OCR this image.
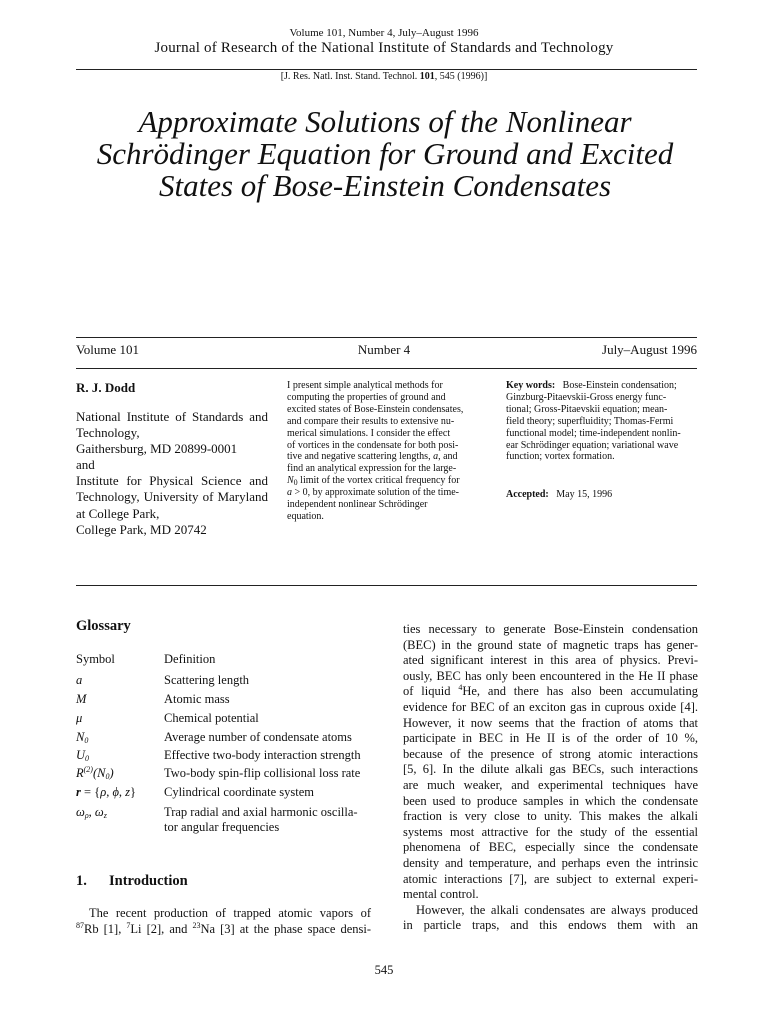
Volume 101, Number 4, July–August 1996
Journal of Research of the National Institute of Standards and Technology
[J. Res. Natl. Inst. Stand. Technol. 101, 545 (1996)]
Approximate Solutions of the Nonlinear
Schrödinger Equation for Ground and Excited
States of Bose-Einstein Condensates
Volume 101	Number 4	July–August 1996
R. J. Dodd
National Institute of Standards and
Technology,
Gaithersburg, MD 20899-0001
and
Institute for Physical Science and
Technology, University of Maryland
at College Park,
College Park, MD 20742
I present simple analytical methods for
computing the properties of ground and
excited states of Bose-Einstein condensates,
and compare their results to extensive nu-
merical simulations. I consider the effect
of vortices in the condensate for both posi-
tive and negative scattering lengths, a, and
find an analytical expression for the large-
$N_0$ limit of the vortex critical frequency for
a > 0, by approximate solution of the time-
independent nonlinear Schrödinger
equation.
Key words: Bose-Einstein condensation;
Ginzburg-Pitaevskii-Gross energy func-
tional; Gross-Pitaevskii equation; mean-
field theory; superfluidity; Thomas-Fermi
functional model; time-independent nonlin-
ear Schrödinger equation; variational wave
function; vortex formation.
Accepted: May 15, 1996
Glossary
Symbol	Definition
a	Scattering length
M	Atomic mass
μ	Chemical potential
$N_0$	Average number of condensate atoms
$U_0$	Effective two-body interaction strength
$R^{(2)}(N_0)$	Two-body spin-flip collisional loss rate
r = {ρ, ϕ, z} Cylindrical coordinate system
$\omega_\rho$, $\omega_z$	Trap radial and axial harmonic oscilla- tor angular frequencies
1. Introduction
The recent production of trapped atomic vapors of
$^{87}$Rb [1], $^7$Li [2], and $^{23}$Na [3] at the phase space densi-
ties necessary to generate Bose-Einstein condensation
(BEC) in the ground state of magnetic traps has gener-
ated significant interest in this area of physics. Previ-
ously, BEC has only been encountered in the He II phase
of liquid $^4$He, and there has also been accumulating
evidence for BEC of an exciton gas in cuprous oxide [4].
However, it now seems that the fraction of atoms that
participate in BEC in He II is of the order of 10 %,
because of the presence of strong atomic interactions
[5, 6]. In the dilute alkali gas BECs, such interactions
are much weaker, and experimental techniques have
been used to produce samples in which the condensate
fraction is very close to unity. This makes the alkali
systems most attractive for the study of the essential
phenomena of BEC, especially since the condensate
density and temperature, and perhaps even the intrinsic
atomic interactions [7], are subject to external experi-
mental control.
However, the alkali condensates are always produced
in particle traps, and this endows them with an
545
